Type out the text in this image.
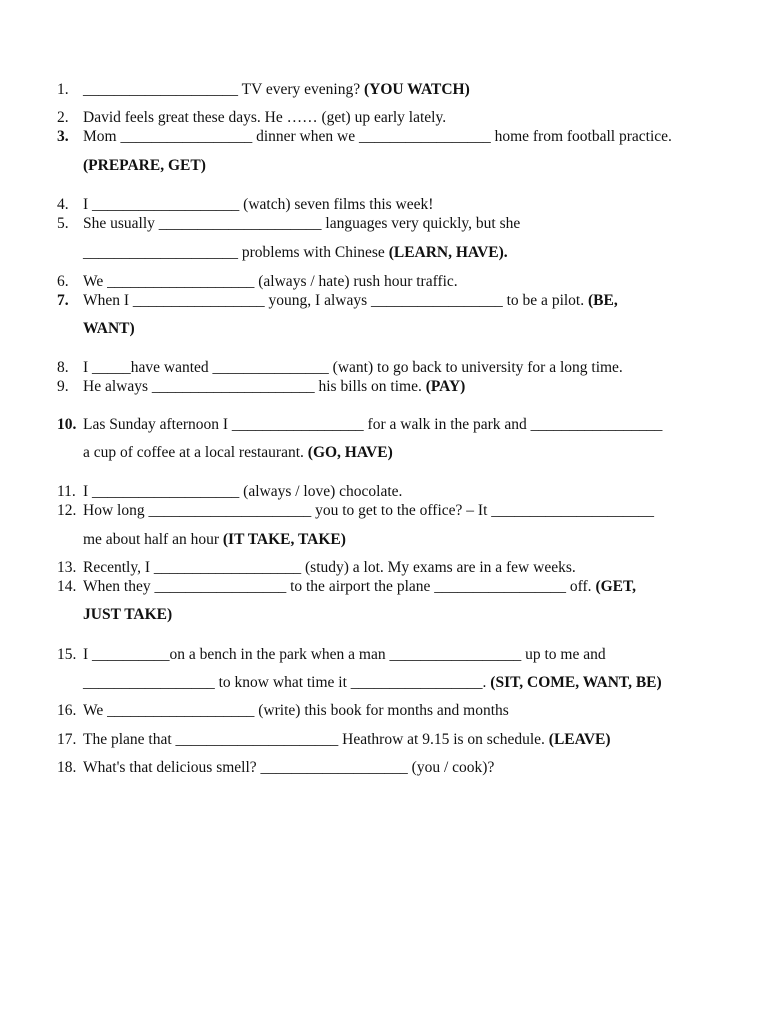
1. ____________________ TV every evening? (YOU WATCH)
2. David feels great these days. He …… (get) up early lately.
3. Mom _________________ dinner when we _________________ home from football practice.
(PREPARE, GET)
4. I ___________________ (watch) seven films this week!
5. She usually _____________________ languages very quickly, but she
____________________ problems with Chinese (LEARN, HAVE).
6. We ___________________ (always / hate) rush hour traffic.
7. When I _________________ young, I always _________________ to be a pilot. (BE,
WANT)
8. I _____have wanted _______________ (want) to go back to university for a long time.
9. He always _____________________ his bills on time. (PAY)
10. Las Sunday afternoon I _________________ for a walk in the park and _________________
a cup of coffee at a local restaurant. (GO, HAVE)
11. I ___________________ (always / love) chocolate.
12. How long _____________________ you to get to the office? – It _____________________
me about half an hour (IT TAKE, TAKE)
13. Recently, I ___________________ (study) a lot. My exams are in a few weeks.
14. When they _________________ to the airport the plane _________________ off. (GET,
JUST TAKE)
15. I __________on a bench in the park when a man _________________ up to me and
_________________ to know what time it _________________. (SIT, COME, WANT, BE)
16. We ___________________ (write) this book for months and months
17. The plane that _____________________ Heathrow at 9.15 is on schedule. (LEAVE)
18. What's that delicious smell? ___________________ (you / cook)?
